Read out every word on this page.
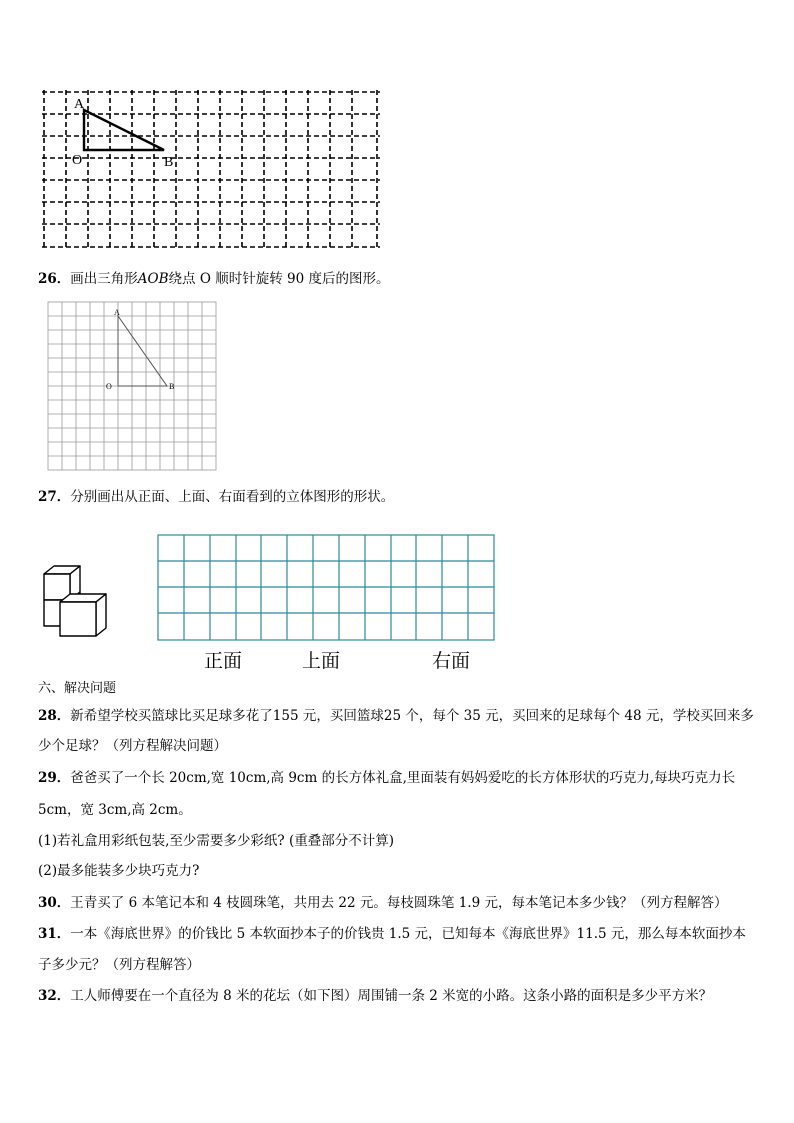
A
O	B
26．画出三角形AOB绕点 O 顺时针旋转 90 度后的图形。
A
O	B
27．分别画出从正面、上面、右面看到的立体图形的形状。
正面	上面	右面
六、解决问题
28．新希望学校买篮球比买足球多花了155 元，买回篮球25 个，每个 35 元，买回来的足球每个 48 元，学校买回来多
少个足球？（列方程解决问题）
29．爸爸买了一个长 20cm,宽 10cm,高 9cm 的长方体礼盒,里面装有妈妈爱吃的长方体形状的巧克力,每块巧克力长
5cm，宽 3cm,高 2cm。
(1)若礼盒用彩纸包装,至少需要多少彩纸? (重叠部分不计算)
(2)最多能装多少块巧克力?
30．王青买了 6 本笔记本和 4 枝圆珠笔，共用去 22 元。每枝圆珠笔 1.9 元，每本笔记本多少钱？（列方程解答）
31．一本《海底世界》的价钱比 5 本软面抄本子的价钱贵 1.5 元，已知每本《海底世界》11.5 元，那么每本软面抄本
子多少元？（列方程解答）
32．工人师傅要在一个直径为 8 米的花坛（如下图）周围铺一条 2 米宽的小路。这条小路的面积是多少平方米？
